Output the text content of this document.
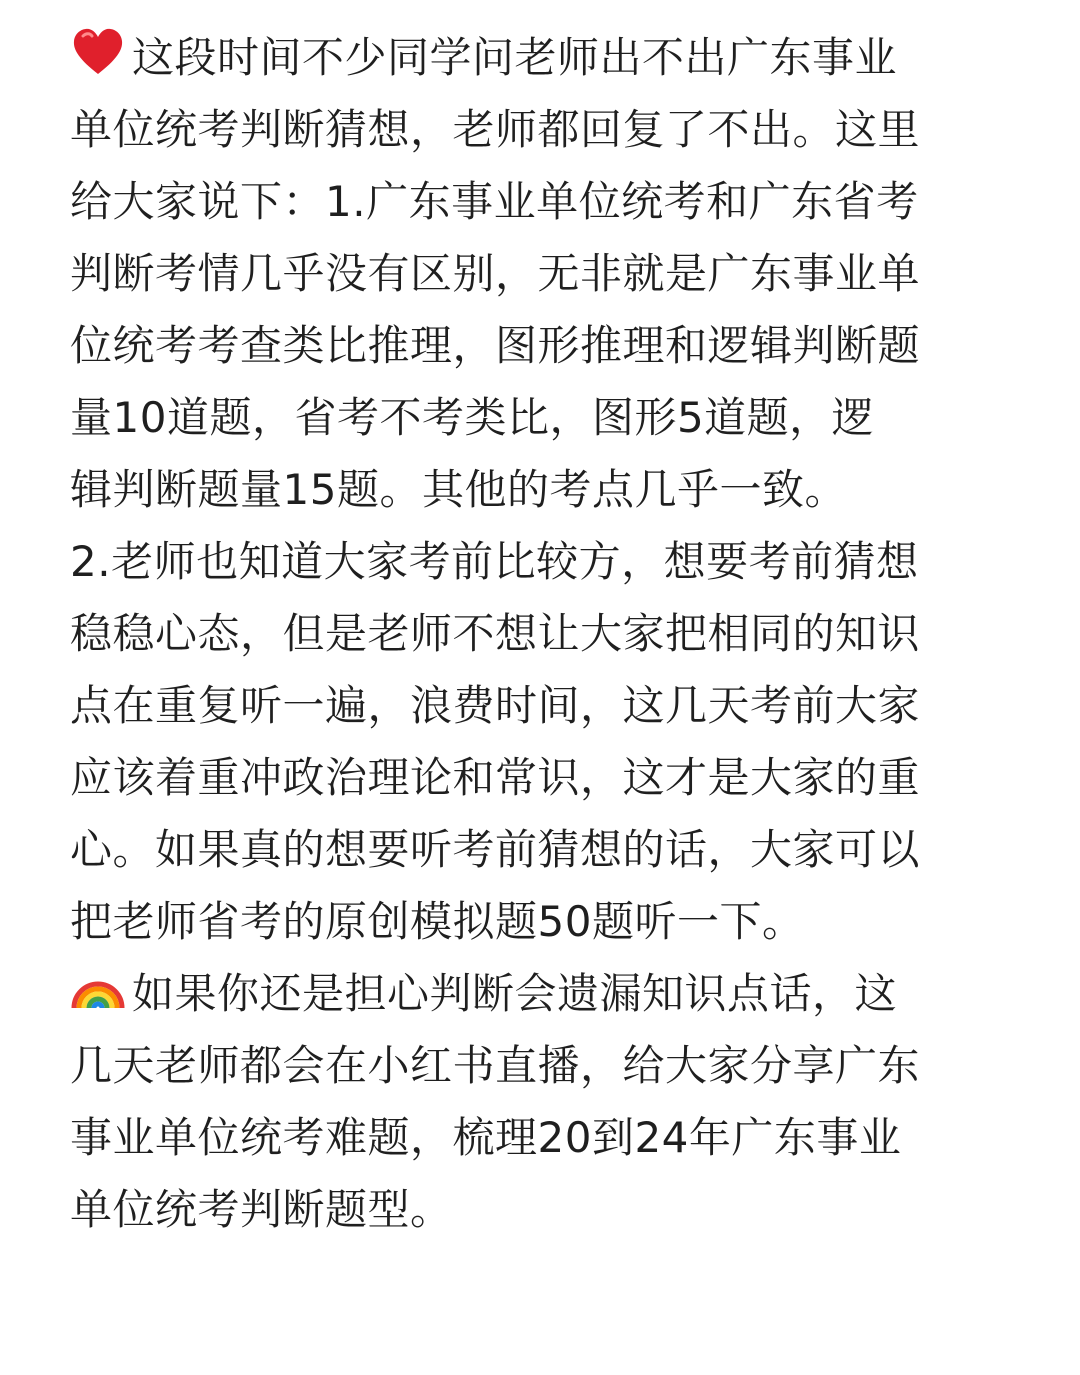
这段时间不少同学问老师出不出广东事业
单位统考判断猜想，老师都回复了不出。这里
给大家说下：1.广东事业单位统考和广东省考
判断考情几乎没有区别，无非就是广东事业单
位统考考查类比推理，图形推理和逻辑判断题
量10道题，省考不考类比，图形5道题，逻
辑判断题量15题。其他的考点几乎一致。
2.老师也知道大家考前比较方，想要考前猜想
稳稳心态，但是老师不想让大家把相同的知识
点在重复听一遍，浪费时间，这几天考前大家
应该着重冲政治理论和常识，这才是大家的重
心。如果真的想要听考前猜想的话，大家可以
把老师省考的原创模拟题50题听一下。
如果你还是担心判断会遗漏知识点话，这
几天老师都会在小红书直播，给大家分享广东
事业单位统考难题，梳理20到24年广东事业
单位统考判断题型。
